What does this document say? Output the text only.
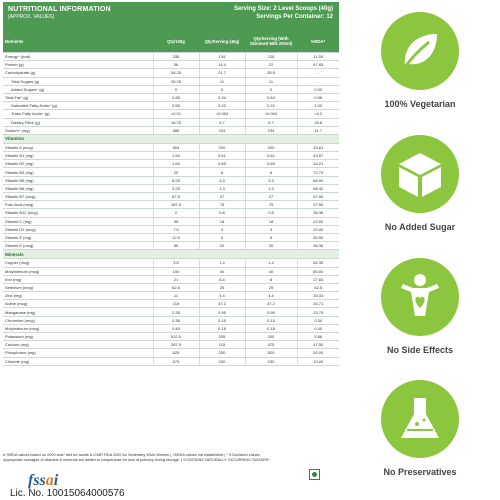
NUTRITIONAL INFORMATION
(APPROX. VALUES)
Serving Size: 2 Level Scoops (40g)
Servings Per Container: 12
Nutrients	Qty/100g	Qty/Serving (40g)	Qty/Serving (With Skimmed Milk 200ml)	%RDA*
Energy^ (kcal)	335	134	225	11.55
Protein (g)	36	14.4	22	47.83
Carbohydrate (g)	54.25	21.7	35.5	-
Total Sugars (g)	28.25	11	11	-
Added Sugars^ (g)	0	0	0	0.00
Total Fat^ (g)	0.85	0.34	0.64	0.96
Saturated Fatty Acids^ (g)	0.55	0.22	0.22	1.00
Trans Fatty Acids^ (g)	<0.01	<0.004	<0.004	<0.2
Dietary Fibre (g)	16.75	6.7	6.7	26.8
Sodium^ (mg)	585	234	234	11.7
Vitamins				
Vitamin A (mcg)	504	200	200	33.61
Vitamin B1 (mg)	1.53	0.61	0.61	43.57
Vitamin B2 (mg)	1.63	0.65	0.65	34.21
Vitamin B3 (mg)	20	8	8	72.73
Vitamin B5 (mg)	8.25	3.3	3.3	66.00
Vitamin B6 (mg)	3.25	1.3	1.3	68.42
Vitamin B7 (mcg)	67.5	27	27	67.50
Folic Acid (mcg)	187.5	75	75	37.50
Vitamin B12 (mcg)	2	0.8	0.8	36.36
Vitamin C (mg)	45	18	18	22.50
Vitamin D3 (mcg)	7.5	3	3	20.00
Vitamin E (mg)	12.5	5	5	50.00
Vitamin K (mcg)	50	20	20	36.36
Minerals				
Copper (mcg)	3.5	1.4	1.4	82.35
Molybdenum (mcg)	100	40	40	80.00
Iron (mg)	21	8.4	8	27.83
Selenium (mcg)	62.5	25	25	62.5
Zinc (mg)	11	4.4	4.4	33.33
Iodine (mcg)	118	47.2	47.2	33.71
Manganese (mg)	2.38	0.95	0.95	23.75
Chromium (mcg)	0.38	0.15	0.15	0.30
Molybdenum (mcg)	0.45	0.18	0.18	0.40
Potassium (mg)	512.5	205	205	5.86
Calcium (mg)	287.5	115	475	47.50
Phosphorus (mg)	625	250	520	52.00
Chloride (mg)	575	230	230	10.00
# %RDA values based on 2000 kcal* diet for adults & ICMR RDA 2020 for Sedentary Work Women | -%RDA values not established | ^ 5 Declared values
Appropriate overages of vitamins & minerals are added to compensate for loss of potency during storage. | *CONTAINS NATURALLY OCCURRING SUGARS*
fssai
Lic. No. 10015064000576
100% Vegetarian
No Added Sugar
No Side Effects
No Preservatives
